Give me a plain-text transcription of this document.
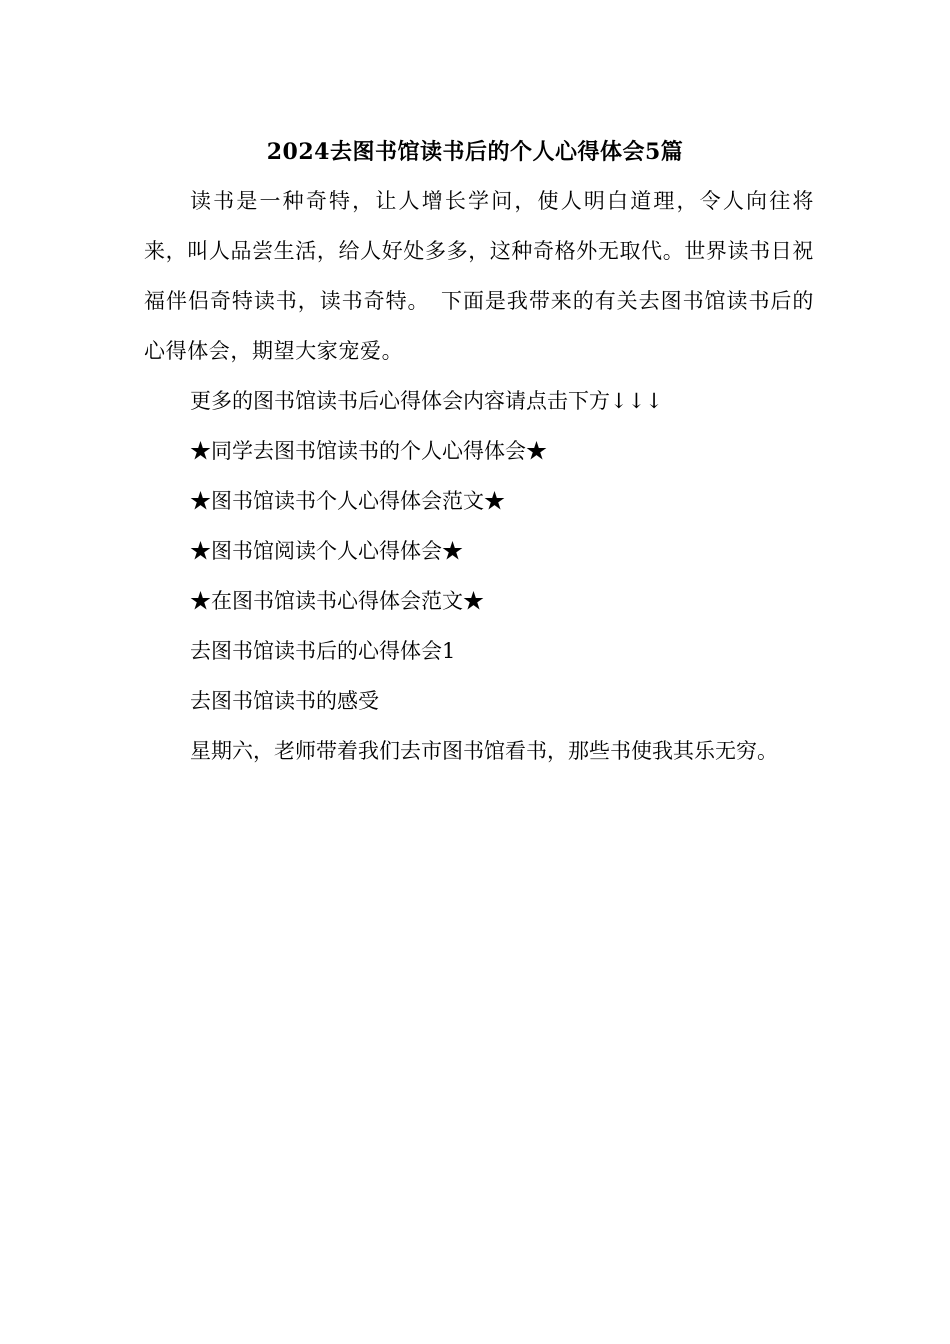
2024去图书馆读书后的个人心得体会5篇
读书是一种奇特，让人增长学问，使人明白道理，令人向往将来，叫人品尝生活，给人好处多多，这种奇格外无取代。世界读书日祝福伴侣奇特读书，读书奇特。　下面是我带来的有关去图书馆读书后的心得体会，期望大家宠爱。
更多的图书馆读书后心得体会内容请点击下方↓↓↓
★同学去图书馆读书的个人心得体会★
★图书馆读书个人心得体会范文★
★图书馆阅读个人心得体会★
★在图书馆读书心得体会范文★
去图书馆读书后的心得体会1
去图书馆读书的感受
星期六，老师带着我们去市图书馆看书，那些书使我其乐无穷。
